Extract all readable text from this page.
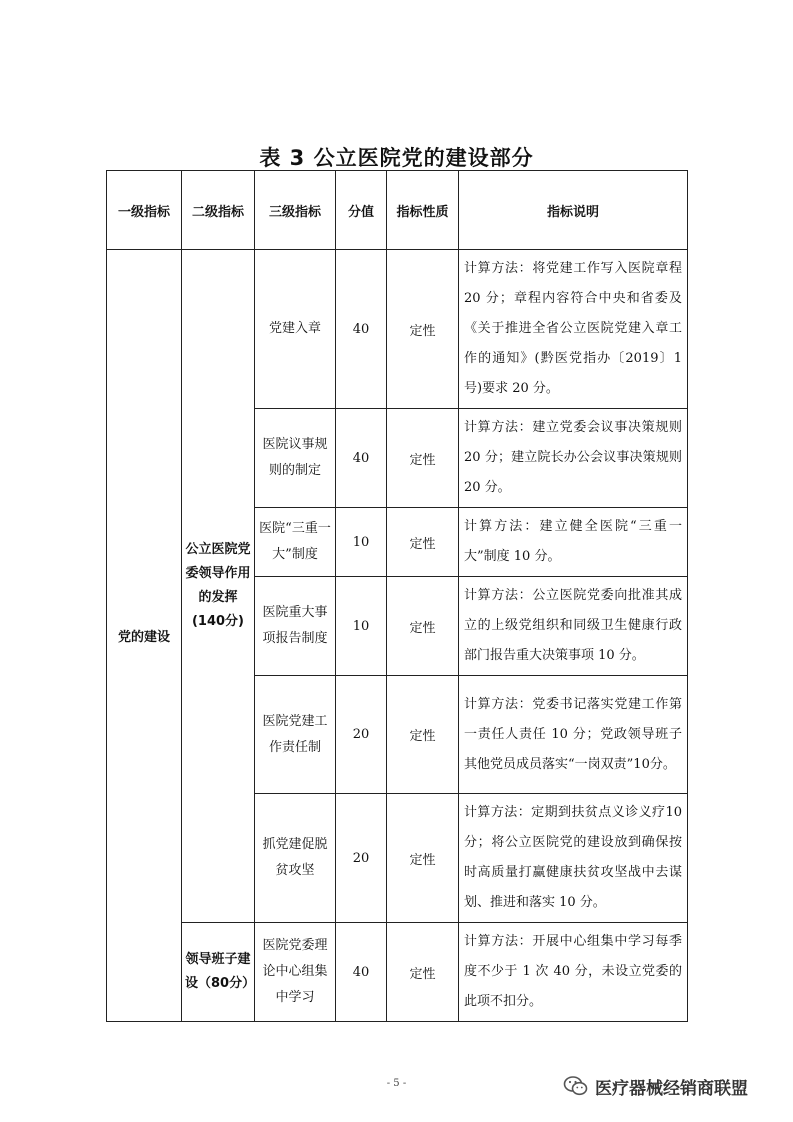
表 3 公立医院党的建设部分
一级指标	二级指标	三级指标	分值	指标性质	指标说明
党的建设	公立医院党委领导作用的发挥(140分)	党建入章	40	定性	计算方法：将党建工作写入医院章程 20 分；章程内容符合中央和省委及《关于推进全省公立医院党建入章工作的通知》(黔医党指办〔2019〕1 号)要求 20 分。
		医院议事规则的制定	40	定性	计算方法：建立党委会议事决策规则 20 分；建立院长办公会议事决策规则 20 分。
		医院“三重一大”制度	10	定性	计算方法：建立健全医院“三重一大”制度 10 分。
		医院重大事项报告制度	10	定性	计算方法：公立医院党委向批准其成立的上级党组织和同级卫生健康行政部门报告重大决策事项 10 分。
		医院党建工作责任制	20	定性	计算方法：党委书记落实党建工作第一责任人责任 10 分；党政领导班子其他党员成员落实“一岗双责”10分。
		抓党建促脱贫攻坚	20	定性	计算方法：定期到扶贫点义诊义疗10 分；将公立医院党的建设放到确保按时高质量打赢健康扶贫攻坚战中去谋划、推进和落实 10 分。
	领导班子建设（80分）	医院党委理论中心组集中学习	40	定性	计算方法：开展中心组集中学习每季度不少于 1 次 40 分，未设立党委的此项不扣分。
- 5 -	医疗器械经销商联盟
